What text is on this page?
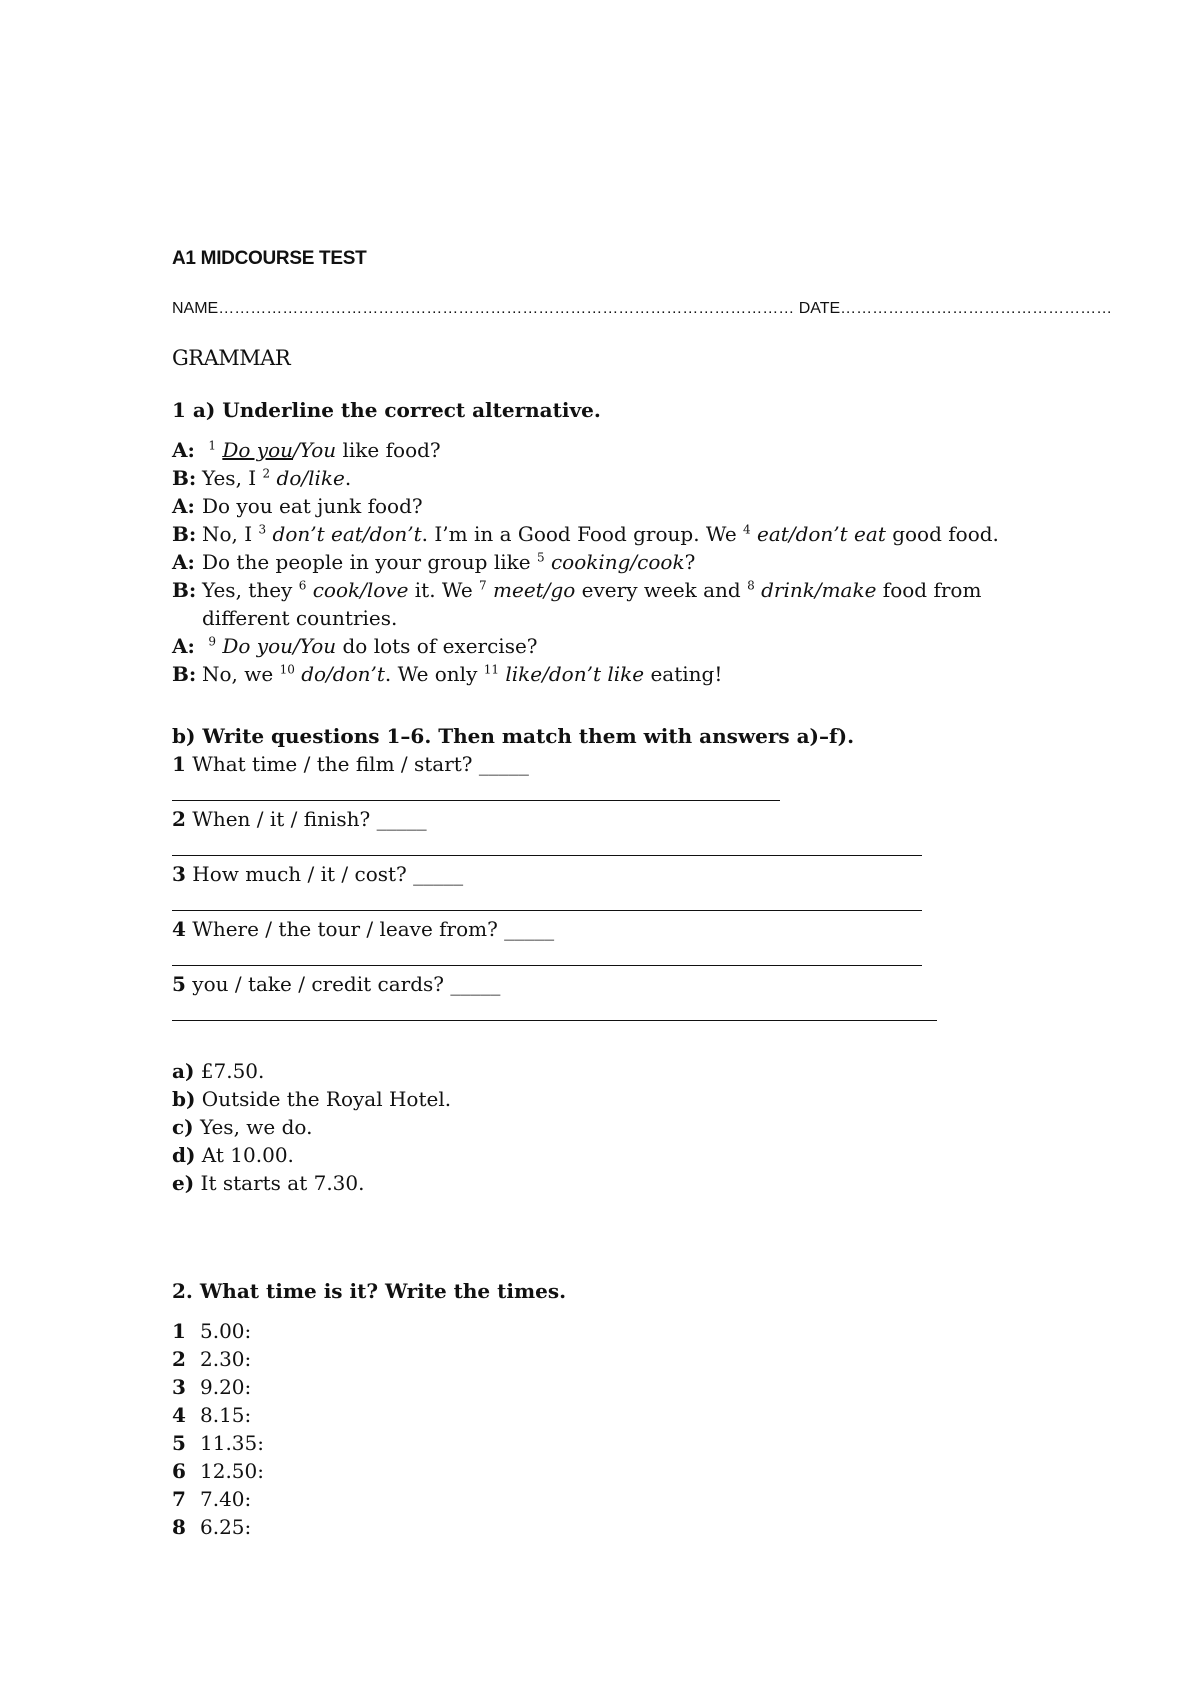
A1 MIDCOURSE TEST
NAME……………………………………………………………………………………………… DATE……………………………………………
GRAMMAR
1 a) Underline the correct alternative.
A:	$^1$ Do you/You like food?
B: Yes, I $^2$ do/like.
A: Do you eat junk food?
B: No, I $^3$ don’t eat/don’t. I’m in a Good Food group. We $^4$ eat/don’t eat good food.
A: Do the people in your group like $^5$ cooking/cook?
B: Yes, they $^6$ cook/love it. We $^7$ meet/go every week and $^8$ drink/make food from
different countries.
A:	$^9$ Do you/You do lots of exercise?
B: No, we $^{10}$ do/don’t. We only $^{11}$ like/don’t like eating!
b) Write questions 1–6. Then match them with answers a)–f).
1 What time / the film / start? _____
2 When / it / finish? _____
3 How much / it / cost? _____
4 Where / the tour / leave from? _____
5 you / take / credit cards? _____
a) £7.50.
b) Outside the Royal Hotel.
c) Yes, we do.
d) At 10.00.
e) It starts at 7.30.
2. What time is it? Write the times.
1 5.00:
2 2.30:
3 9.20:
4 8.15:
5 11.35:
6 12.50:
7 7.40:
8 6.25:
